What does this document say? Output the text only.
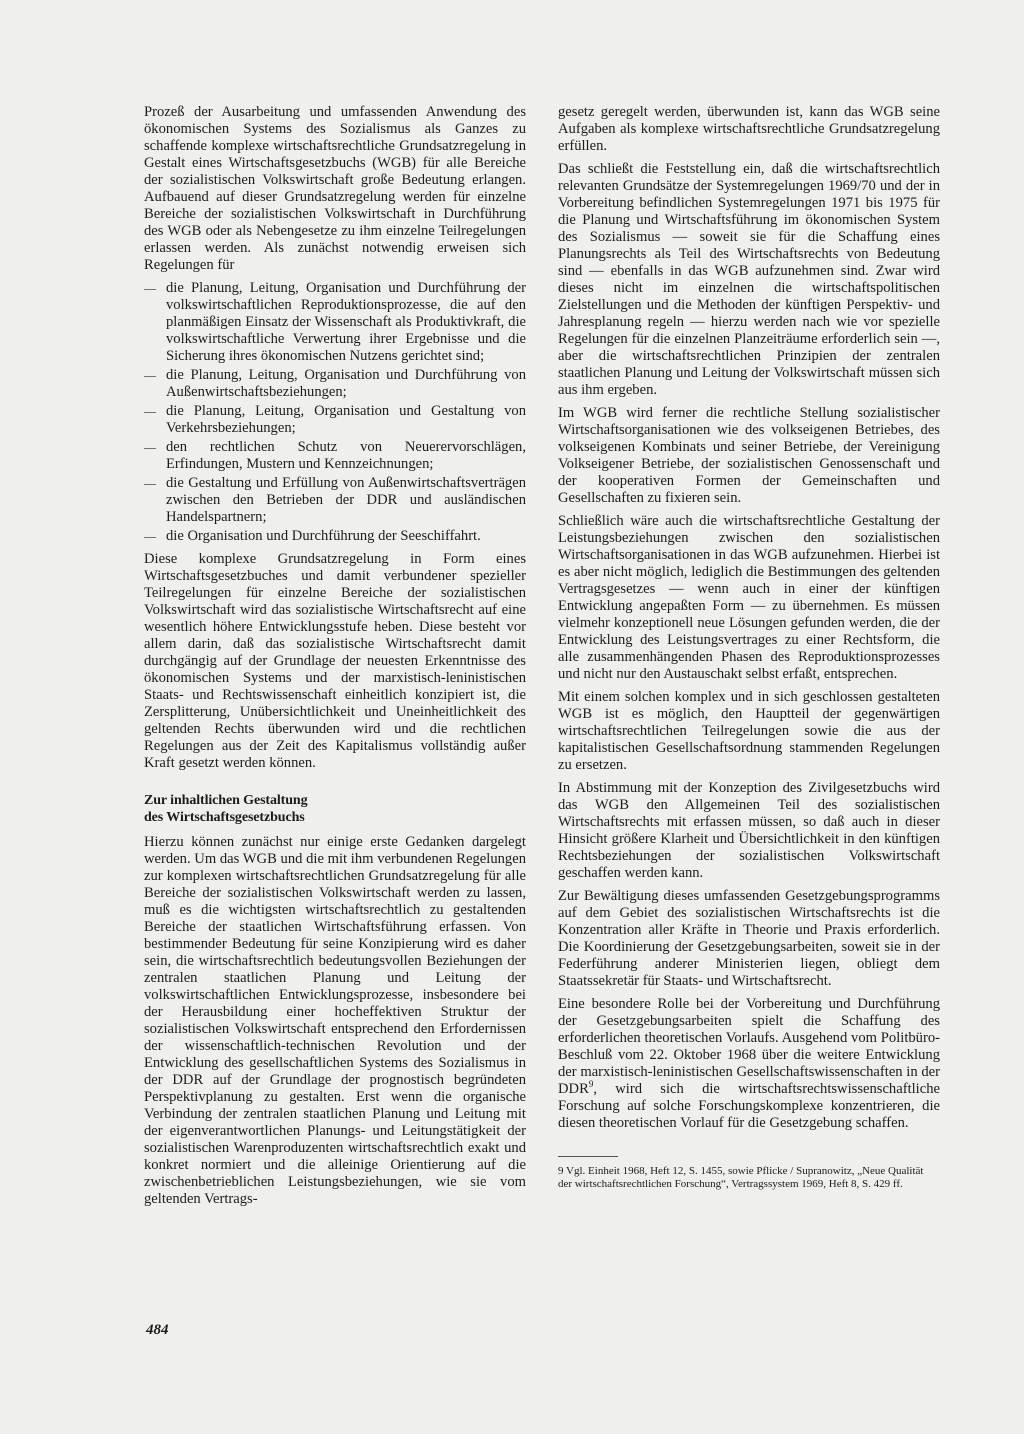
Prozeß der Ausarbeitung und umfassenden Anwendung des ökonomischen Systems des Sozialismus als Ganzes zu schaffende komplexe wirtschaftsrechtliche Grundsatzregelung in Gestalt eines Wirtschaftsgesetzbuchs (WGB) für alle Bereiche der sozialistischen Volkswirtschaft große Bedeutung erlangen. Aufbauend auf dieser Grundsatzregelung werden für einzelne Bereiche der sozialistischen Volkswirtschaft in Durchführung des WGB oder als Nebengesetze zu ihm einzelne Teilregelungen erlassen werden. Als zunächst notwendig erweisen sich Regelungen für

— die Planung, Leitung, Organisation und Durchführung der volkswirtschaftlichen Reproduktionsprozesse, die auf den planmäßigen Einsatz der Wissenschaft als Produktivkraft, die volkswirtschaftliche Verwertung ihrer Ergebnisse und die Sicherung ihres ökonomischen Nutzens gerichtet sind;
— die Planung, Leitung, Organisation und Durchführung von Außenwirtschaftsbeziehungen;
— die Planung, Leitung, Organisation und Gestaltung von Verkehrsbeziehungen;
— den rechtlichen Schutz von Neuerervorschlägen, Erfindungen, Mustern und Kennzeichnungen;
— die Gestaltung und Erfüllung von Außenwirtschaftsverträgen zwischen den Betrieben der DDR und ausländischen Handelspartnern;
— die Organisation und Durchführung der Seeschiffahrt.

Diese komplexe Grundsatzregelung in Form eines Wirtschaftsgesetzbuches und damit verbundener spezieller Teilregelungen für einzelne Bereiche der sozialistischen Volkswirtschaft wird das sozialistische Wirtschaftsrecht auf eine wesentlich höhere Entwicklungsstufe heben. Diese besteht vor allem darin, daß das sozialistische Wirtschaftsrecht damit durchgängig auf der Grundlage der neuesten Erkenntnisse des ökonomischen Systems und der marxistisch-leninistischen Staats- und Rechtswissenschaft einheitlich konzipiert ist, die Zersplitterung, Unübersichtlichkeit und Uneinheitlichkeit des geltenden Rechts überwunden wird und die rechtlichen Regelungen aus der Zeit des Kapitalismus vollständig außer Kraft gesetzt werden können.

Zur inhaltlichen Gestaltung
des Wirtschaftsgesetzbuchs

Hierzu können zunächst nur einige erste Gedanken dargelegt werden. Um das WGB und die mit ihm verbundenen Regelungen zur komplexen wirtschaftsrechtlichen Grundsatzregelung für alle Bereiche der sozialistischen Volkswirtschaft werden zu lassen, muß es die wichtigsten wirtschaftsrechtlich zu gestaltenden Bereiche der staatlichen Wirtschaftsführung erfassen. Von bestimmender Bedeutung für seine Konzipierung wird es daher sein, die wirtschaftsrechtlich bedeutungsvollen Beziehungen der zentralen staatlichen Planung und Leitung der volkswirtschaftlichen Entwicklungsprozesse, insbesondere bei der Herausbildung einer hocheffektiven Struktur der sozialistischen Volkswirtschaft entsprechend den Erfordernissen der wissenschaftlich-technischen Revolution und der Entwicklung des gesellschaftlichen Systems des Sozialismus in der DDR auf der Grundlage der prognostisch begründeten Perspektivplanung zu gestalten. Erst wenn die organische Verbindung der zentralen staatlichen Planung und Leitung mit der eigenverantwortlichen Planungs- und Leitungstätigkeit der sozialistischen Warenproduzenten wirtschaftsrechtlich exakt und konkret normiert und die alleinige Orientierung auf die zwischenbetrieblichen Leistungsbeziehungen, wie sie vom geltenden Vertrags-

gesetz geregelt werden, überwunden ist, kann das WGB seine Aufgaben als komplexe wirtschaftsrechtliche Grundsatzregelung erfüllen.

Das schließt die Feststellung ein, daß die wirtschaftsrechtlich relevanten Grundsätze der Systemregelungen 1969/70 und der in Vorbereitung befindlichen Systemregelungen 1971 bis 1975 für die Planung und Wirtschaftsführung im ökonomischen System des Sozialismus — soweit sie für die Schaffung eines Planungsrechts als Teil des Wirtschaftsrechts von Bedeutung sind — ebenfalls in das WGB aufzunehmen sind. Zwar wird dieses nicht im einzelnen die wirtschaftspolitischen Zielstellungen und die Methoden der künftigen Perspektiv- und Jahresplanung regeln — hierzu werden nach wie vor spezielle Regelungen für die einzelnen Planzeiträume erforderlich sein —, aber die wirtschaftsrechtlichen Prinzipien der zentralen staatlichen Planung und Leitung der Volkswirtschaft müssen sich aus ihm ergeben.

Im WGB wird ferner die rechtliche Stellung sozialistischer Wirtschaftsorganisationen wie des volkseigenen Betriebes, des volkseigenen Kombinats und seiner Betriebe, der Vereinigung Volkseigener Betriebe, der sozialistischen Genossenschaft und der kooperativen Formen der Gemeinschaften und Gesellschaften zu fixieren sein.

Schließlich wäre auch die wirtschaftsrechtliche Gestaltung der Leistungsbeziehungen zwischen den sozialistischen Wirtschaftsorganisationen in das WGB aufzunehmen. Hierbei ist es aber nicht möglich, lediglich die Bestimmungen des geltenden Vertragsgesetzes — wenn auch in einer der künftigen Entwicklung angepaßten Form — zu übernehmen. Es müssen vielmehr konzeptionell neue Lösungen gefunden werden, die der Entwicklung des Leistungsvertrages zu einer Rechtsform, die alle zusammenhängenden Phasen des Reproduktionsprozesses und nicht nur den Austauschakt selbst erfaßt, entsprechen.

Mit einem solchen komplex und in sich geschlossen gestalteten WGB ist es möglich, den Hauptteil der gegenwärtigen wirtschaftsrechtlichen Teilregelungen sowie die aus der kapitalistischen Gesellschaftsordnung stammenden Regelungen zu ersetzen.

In Abstimmung mit der Konzeption des Zivilgesetzbuchs wird das WGB den Allgemeinen Teil des sozialistischen Wirtschaftsrechts mit erfassen müssen, so daß auch in dieser Hinsicht größere Klarheit und Übersichtlichkeit in den künftigen Rechtsbeziehungen der sozialistischen Volkswirtschaft geschaffen werden kann.

Zur Bewältigung dieses umfassenden Gesetzgebungsprogramms auf dem Gebiet des sozialistischen Wirtschaftsrechts ist die Konzentration aller Kräfte in Theorie und Praxis erforderlich. Die Koordinierung der Gesetzgebungsarbeiten, soweit sie in der Federführung anderer Ministerien liegen, obliegt dem Staatssekretär für Staats- und Wirtschaftsrecht.

Eine besondere Rolle bei der Vorbereitung und Durchführung der Gesetzgebungsarbeiten spielt die Schaffung des erforderlichen theoretischen Vorlaufs. Ausgehend vom Politbüro-Beschluß vom 22. Oktober 1968 über die weitere Entwicklung der marxistisch-leninistischen Gesellschaftswissenschaften in der DDR$^9$, wird sich die wirtschaftsrechtswissenschaftliche Forschung auf solche Forschungskomplexe konzentrieren, die diesen theoretischen Vorlauf für die Gesetzgebung schaffen.

9 Vgl. Einheit 1968, Heft 12, S. 1455, sowie Pflicke / Supranowitz, „Neue Qualität der wirtschaftsrechtlichen Forschung“, Vertragssystem 1969, Heft 8, S. 429 ff.

484
